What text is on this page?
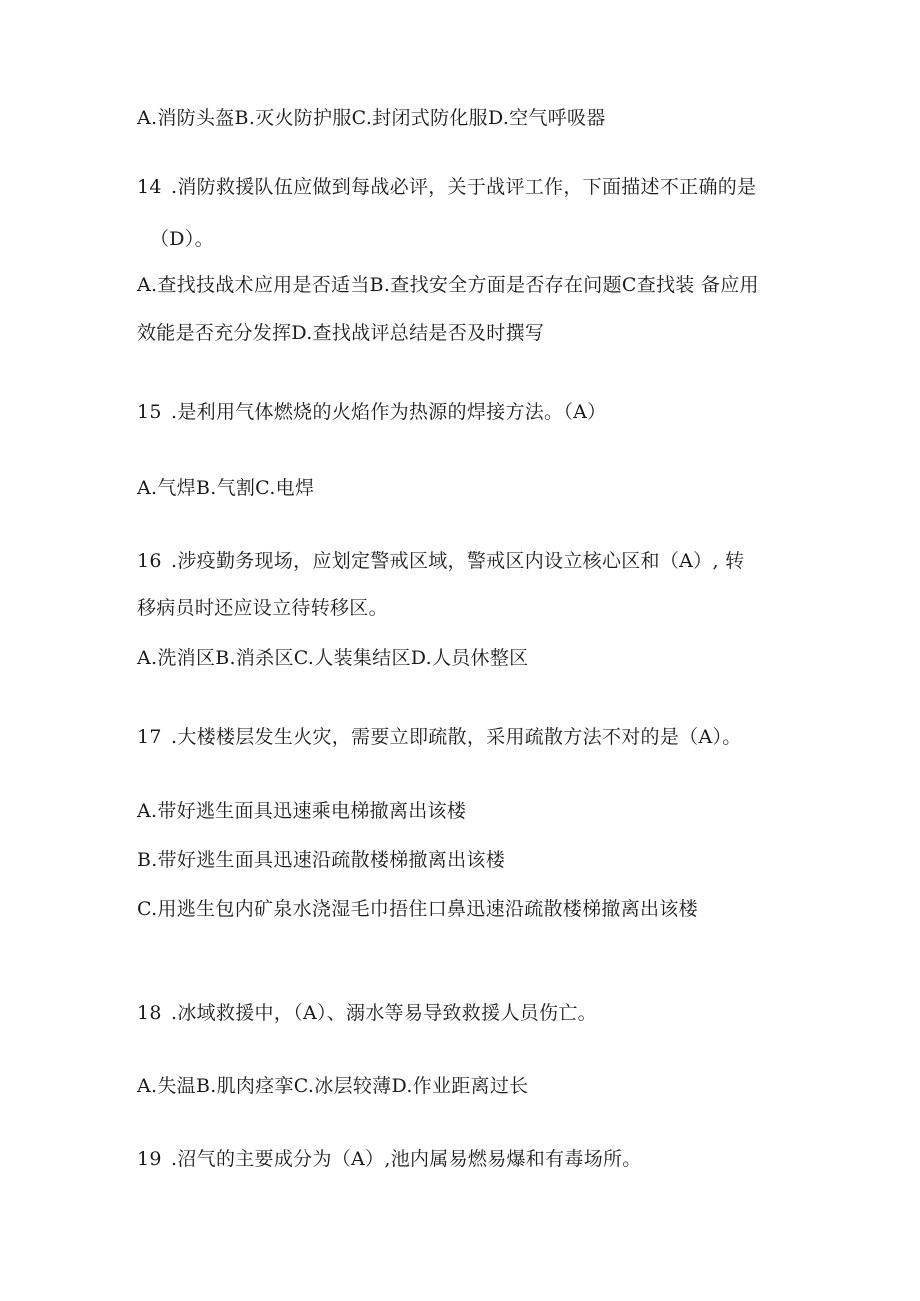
A.消防头盔B.灭火防护服C.封闭式防化服D.空气呼吸器
14 .消防救援队伍应做到每战必评，关于战评工作，下面描述不正确的是
（D）。
A.查找技战术应用是否适当B.查找安全方面是否存在问题C查找装 备应用
效能是否充分发挥D.查找战评总结是否及时撰写
15 .是利用气体燃烧的火焰作为热源的焊接方法。（A）
A.气焊B.气割C.电焊
16 .涉疫勤务现场，应划定警戒区域，警戒区内设立核心区和（A）, 转
移病员时还应设立待转移区。
A.洗消区B.消杀区C.人装集结区D.人员休整区
17 .大楼楼层发生火灾，需要立即疏散，采用疏散方法不对的是（A）。
A.带好逃生面具迅速乘电梯撤离出该楼
B.带好逃生面具迅速沿疏散楼梯撤离出该楼
C.用逃生包内矿泉水浇湿毛巾捂住口鼻迅速沿疏散楼梯撤离出该楼
18 .冰域救援中，（A）、溺水等易导致救援人员伤亡。
A.失温B.肌肉痉挛C.冰层较薄D.作业距离过长
19 .沼气的主要成分为（A）,池内属易燃易爆和有毒场所。
